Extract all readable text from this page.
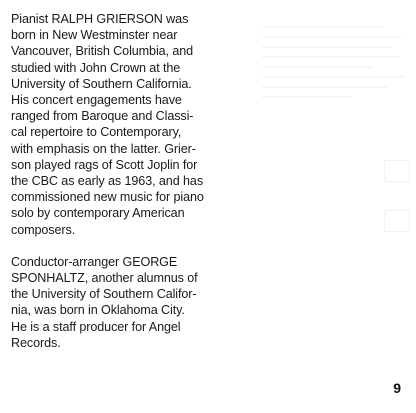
Pianist RALPH GRIERSON was
born in New Westminster near
Vancouver, British Columbia, and
studied with John Crown at the
University of Southern California.
His concert engagements have
ranged from Baroque and Classi-
cal repertoire to Contemporary,
with emphasis on the latter. Grier-
son played rags of Scott Joplin for
the CBC as early as 1963, and has
commissioned new music for piano
solo by contemporary American
composers.

Conductor-arranger GEORGE
SPONHALTZ, another alumnus of
the University of Southern Califor-
nia, was born in Oklahoma City.
He is a staff producer for Angel
Records.

9
